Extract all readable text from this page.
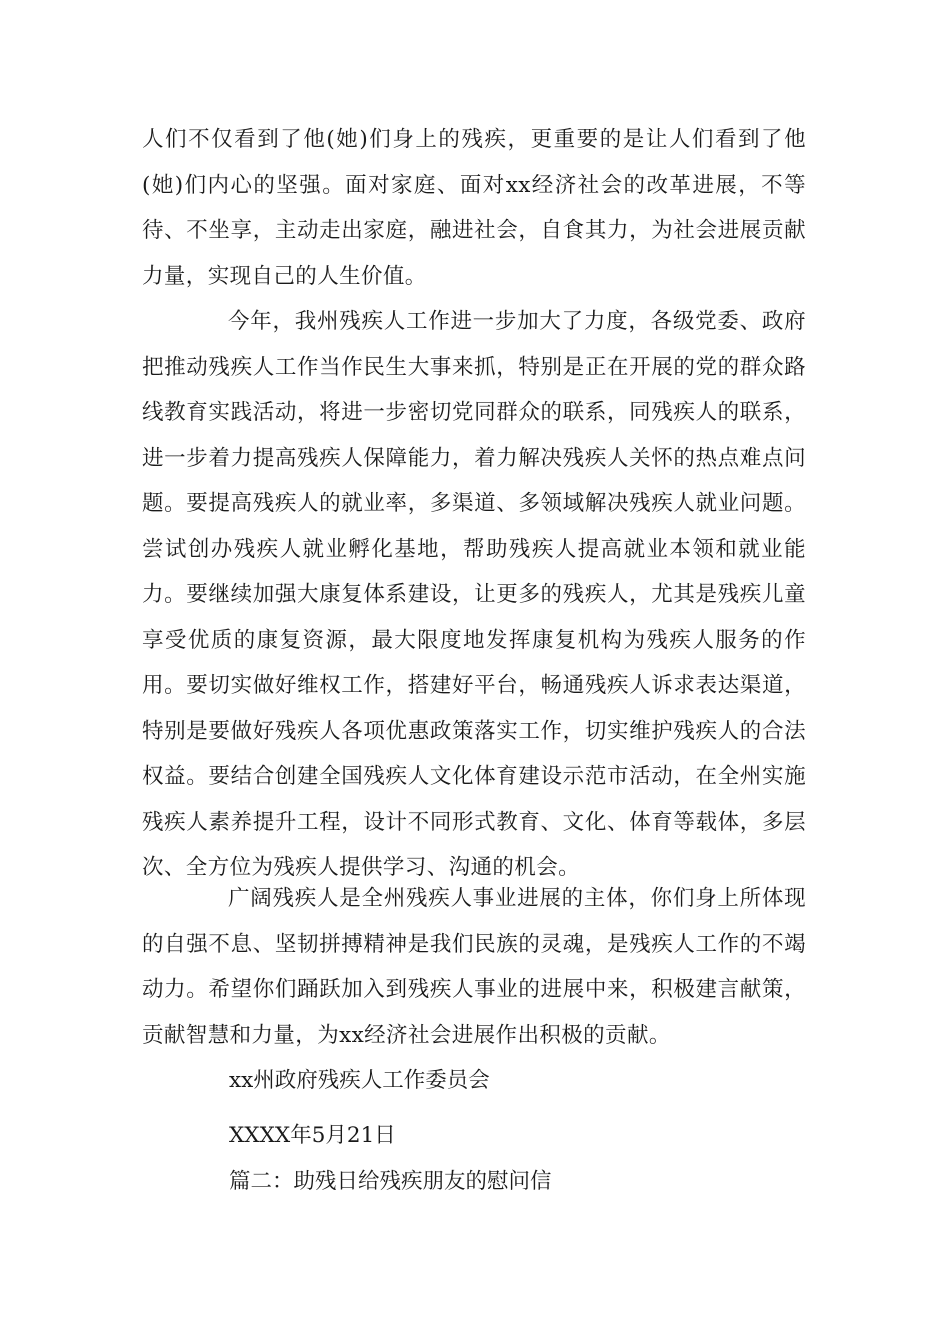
人们不仅看到了他(她)们身上的残疾，更重要的是让人们看到了他(她)们内心的坚强。面对家庭、面对xx经济社会的改革进展，不等待、不坐享，主动走出家庭，融进社会，自食其力，为社会进展贡献力量，实现自己的人生价值。

今年，我州残疾人工作进一步加大了力度，各级党委、政府把推动残疾人工作当作民生大事来抓，特别是正在开展的党的群众路线教育实践活动，将进一步密切党同群众的联系，同残疾人的联系，进一步着力提高残疾人保障能力，着力解决残疾人关怀的热点难点问题。要提高残疾人的就业率，多渠道、多领域解决残疾人就业问题。尝试创办残疾人就业孵化基地，帮助残疾人提高就业本领和就业能力。要继续加强大康复体系建设，让更多的残疾人，尤其是残疾儿童享受优质的康复资源，最大限度地发挥康复机构为残疾人服务的作用。要切实做好维权工作，搭建好平台，畅通残疾人诉求表达渠道，特别是要做好残疾人各项优惠政策落实工作，切实维护残疾人的合法权益。要结合创建全国残疾人文化体育建设示范市活动，在全州实施残疾人素养提升工程，设计不同形式教育、文化、体育等载体，多层次、全方位为残疾人提供学习、沟通的机会。

广阔残疾人是全州残疾人事业进展的主体，你们身上所体现的自强不息、坚韧拼搏精神是我们民族的灵魂，是残疾人工作的不竭动力。希望你们踊跃加入到残疾人事业的进展中来，积极建言献策，贡献智慧和力量，为xx经济社会进展作出积极的贡献。

xx州政府残疾人工作委员会
XXXX年5月21日
篇二：助残日给残疾朋友的慰问信
